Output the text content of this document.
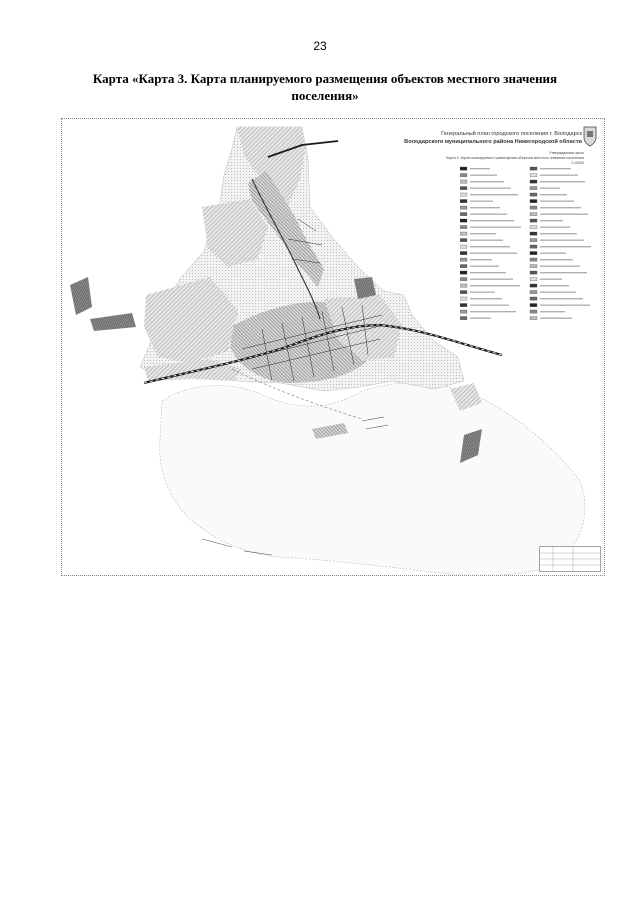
23
Карта «Карта 3. Карта планируемого размещения объектов местного значения поселения»
Генеральный план городского поселения г. Володарск
Володарского муниципального района Нижегородской области
Утверждаемая часть
Карта 3. Карта планируемого размещения объектов местного значения поселения
1:10000
